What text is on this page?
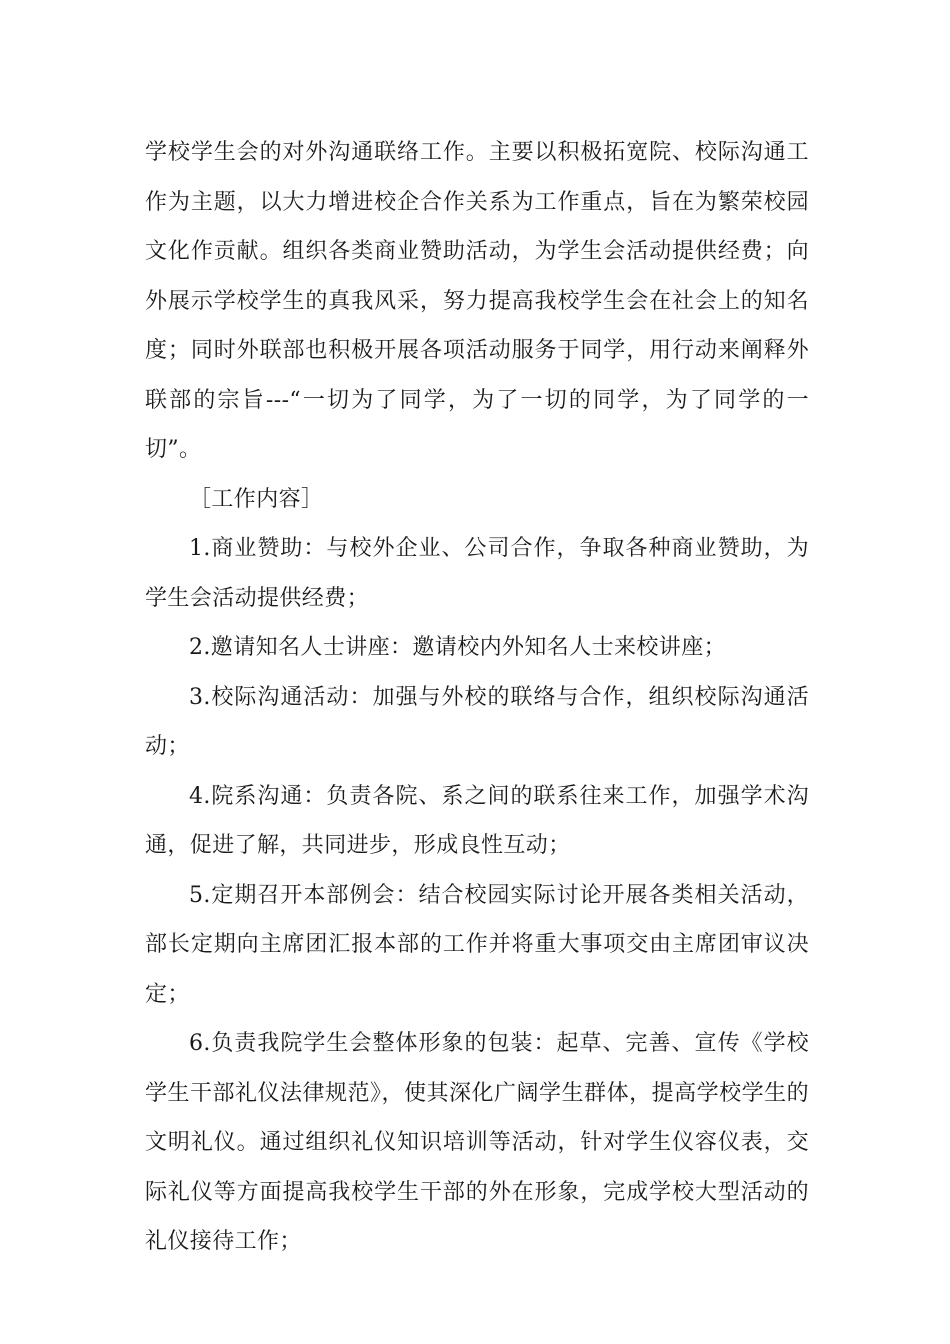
学校学生会的对外沟通联络工作。主要以积极拓宽院、校际沟通工作为主题，以大力增进校企合作关系为工作重点，旨在为繁荣校园文化作贡献。组织各类商业赞助活动，为学生会活动提供经费；向外展示学校学生的真我风采，努力提高我校学生会在社会上的知名度；同时外联部也积极开展各项活动服务于同学，用行动来阐释外联部的宗旨---“一切为了同学，为了一切的同学，为了同学的一切”。

［工作内容］

1.商业赞助：与校外企业、公司合作，争取各种商业赞助，为学生会活动提供经费；

2.邀请知名人士讲座：邀请校内外知名人士来校讲座；

3.校际沟通活动：加强与外校的联络与合作，组织校际沟通活动；

4.院系沟通：负责各院、系之间的联系往来工作，加强学术沟通，促进了解，共同进步，形成良性互动；

5.定期召开本部例会：结合校园实际讨论开展各类相关活动，部长定期向主席团汇报本部的工作并将重大事项交由主席团审议决定；

6.负责我院学生会整体形象的包装：起草、完善、宣传《学校学生干部礼仪法律规范》，使其深化广阔学生群体，提高学校学生的文明礼仪。通过组织礼仪知识培训等活动，针对学生仪容仪表，交际礼仪等方面提高我校学生干部的外在形象，完成学校大型活动的礼仪接待工作；
